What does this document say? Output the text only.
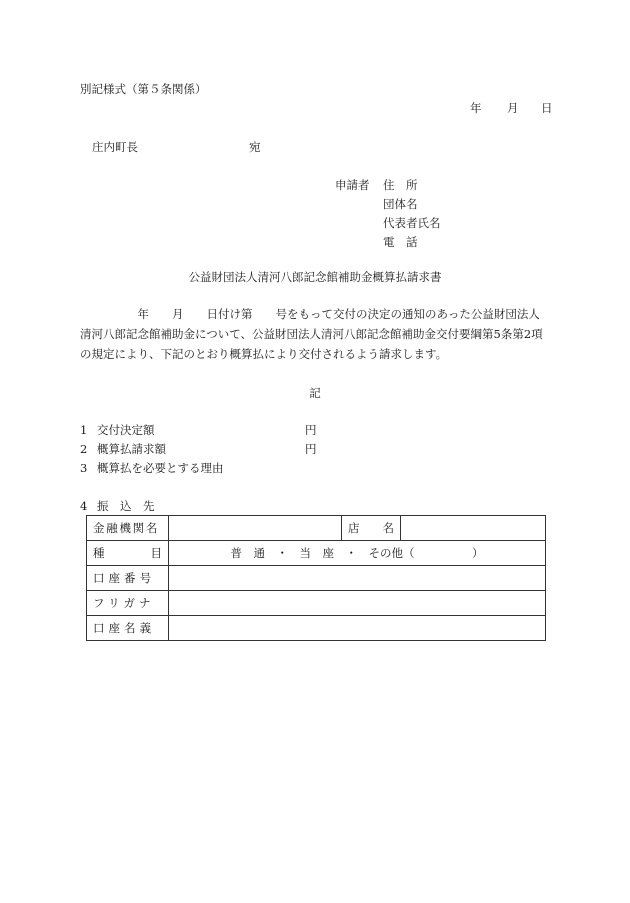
別記様式（第５条関係）
年 月 日
庄内町長	宛
申請者 住　所
団体名
代表者氏名
電　話
公益財団法人清河八郎記念館補助金概算払請求書
　　　　　年　　月　　日付け第　　号をもって交付の決定の通知のあった公益財団法人
清河八郎記念館補助金について、公益財団法人清河八郎記念館補助金交付要綱第5条第2項
の規定により、下記のとおり概算払により交付されるよう請求します。
記
1 交付決定額	円
2 概算払請求額	円
3 概算払を必要とする理由
4 振　込　先
金融機関名		店　　名	
種　　　　目	普　通　・　当　座　・　その他（　　　　　）		
口座番号			
フリガナ			
口座名義			
